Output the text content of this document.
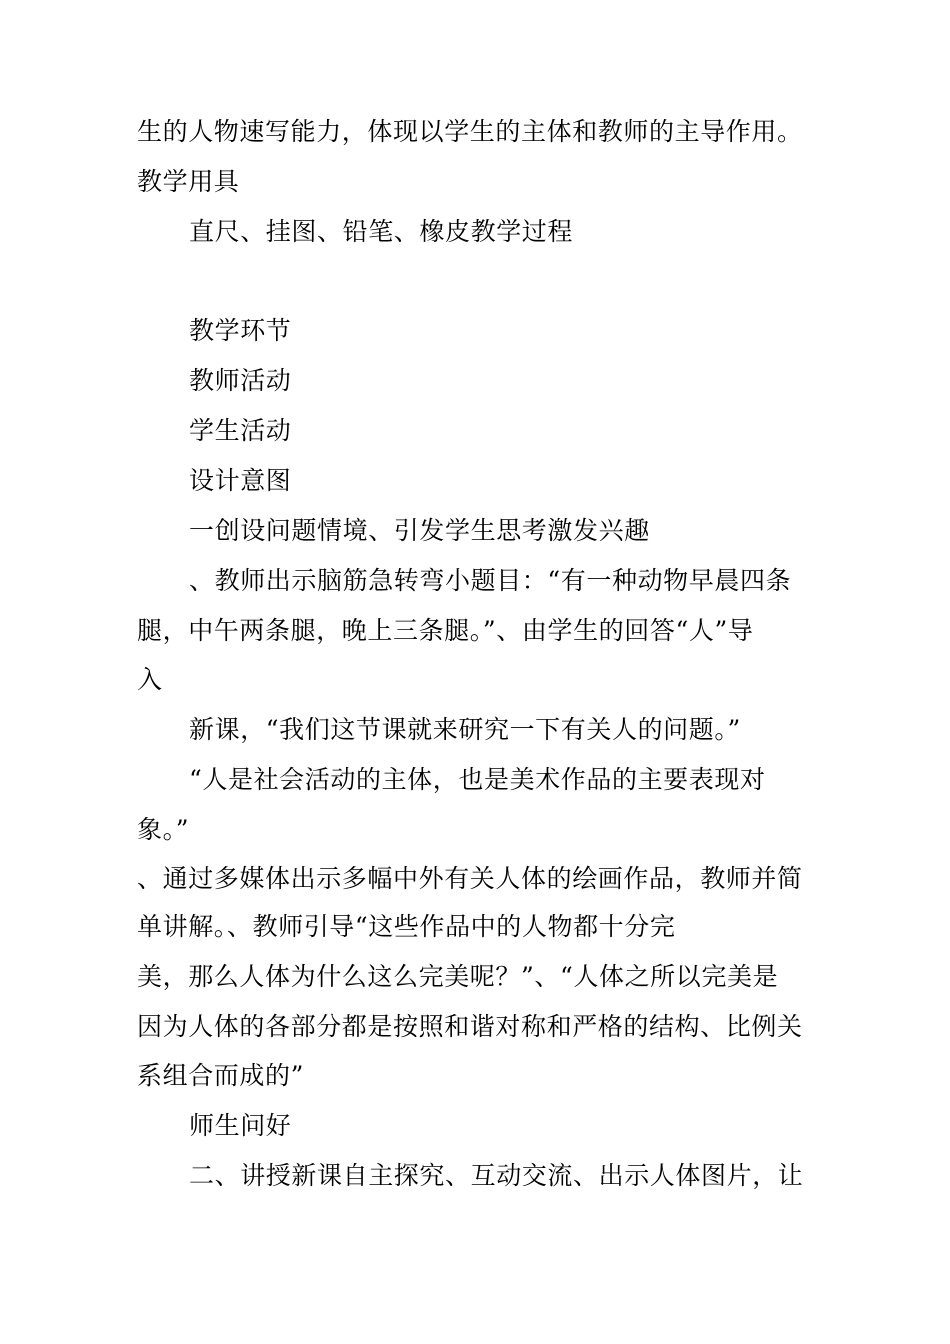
生的人物速写能力，体现以学生的主体和教师的主导作用。
教学用具
直尺、挂图、铅笔、橡皮教学过程
教学环节
教师活动
学生活动
设计意图
一创设问题情境、引发学生思考激发兴趣
、教师出示脑筋急转弯小题目：“有一种动物早晨四条
腿，中午两条腿，晚上三条腿。”、由学生的回答“人”导
入
新课，“我们这节课就来研究一下有关人的问题。”
“人是社会活动的主体，也是美术作品的主要表现对
象。”
、通过多媒体出示多幅中外有关人体的绘画作品，教师并简
单讲解。、教师引导“这些作品中的人物都十分完
美，那么人体为什么这么完美呢？”、“人体之所以完美是
因为人体的各部分都是按照和谐对称和严格的结构、比例关
系组合而成的”
师生问好
二、讲授新课自主探究、互动交流、出示人体图片，让
